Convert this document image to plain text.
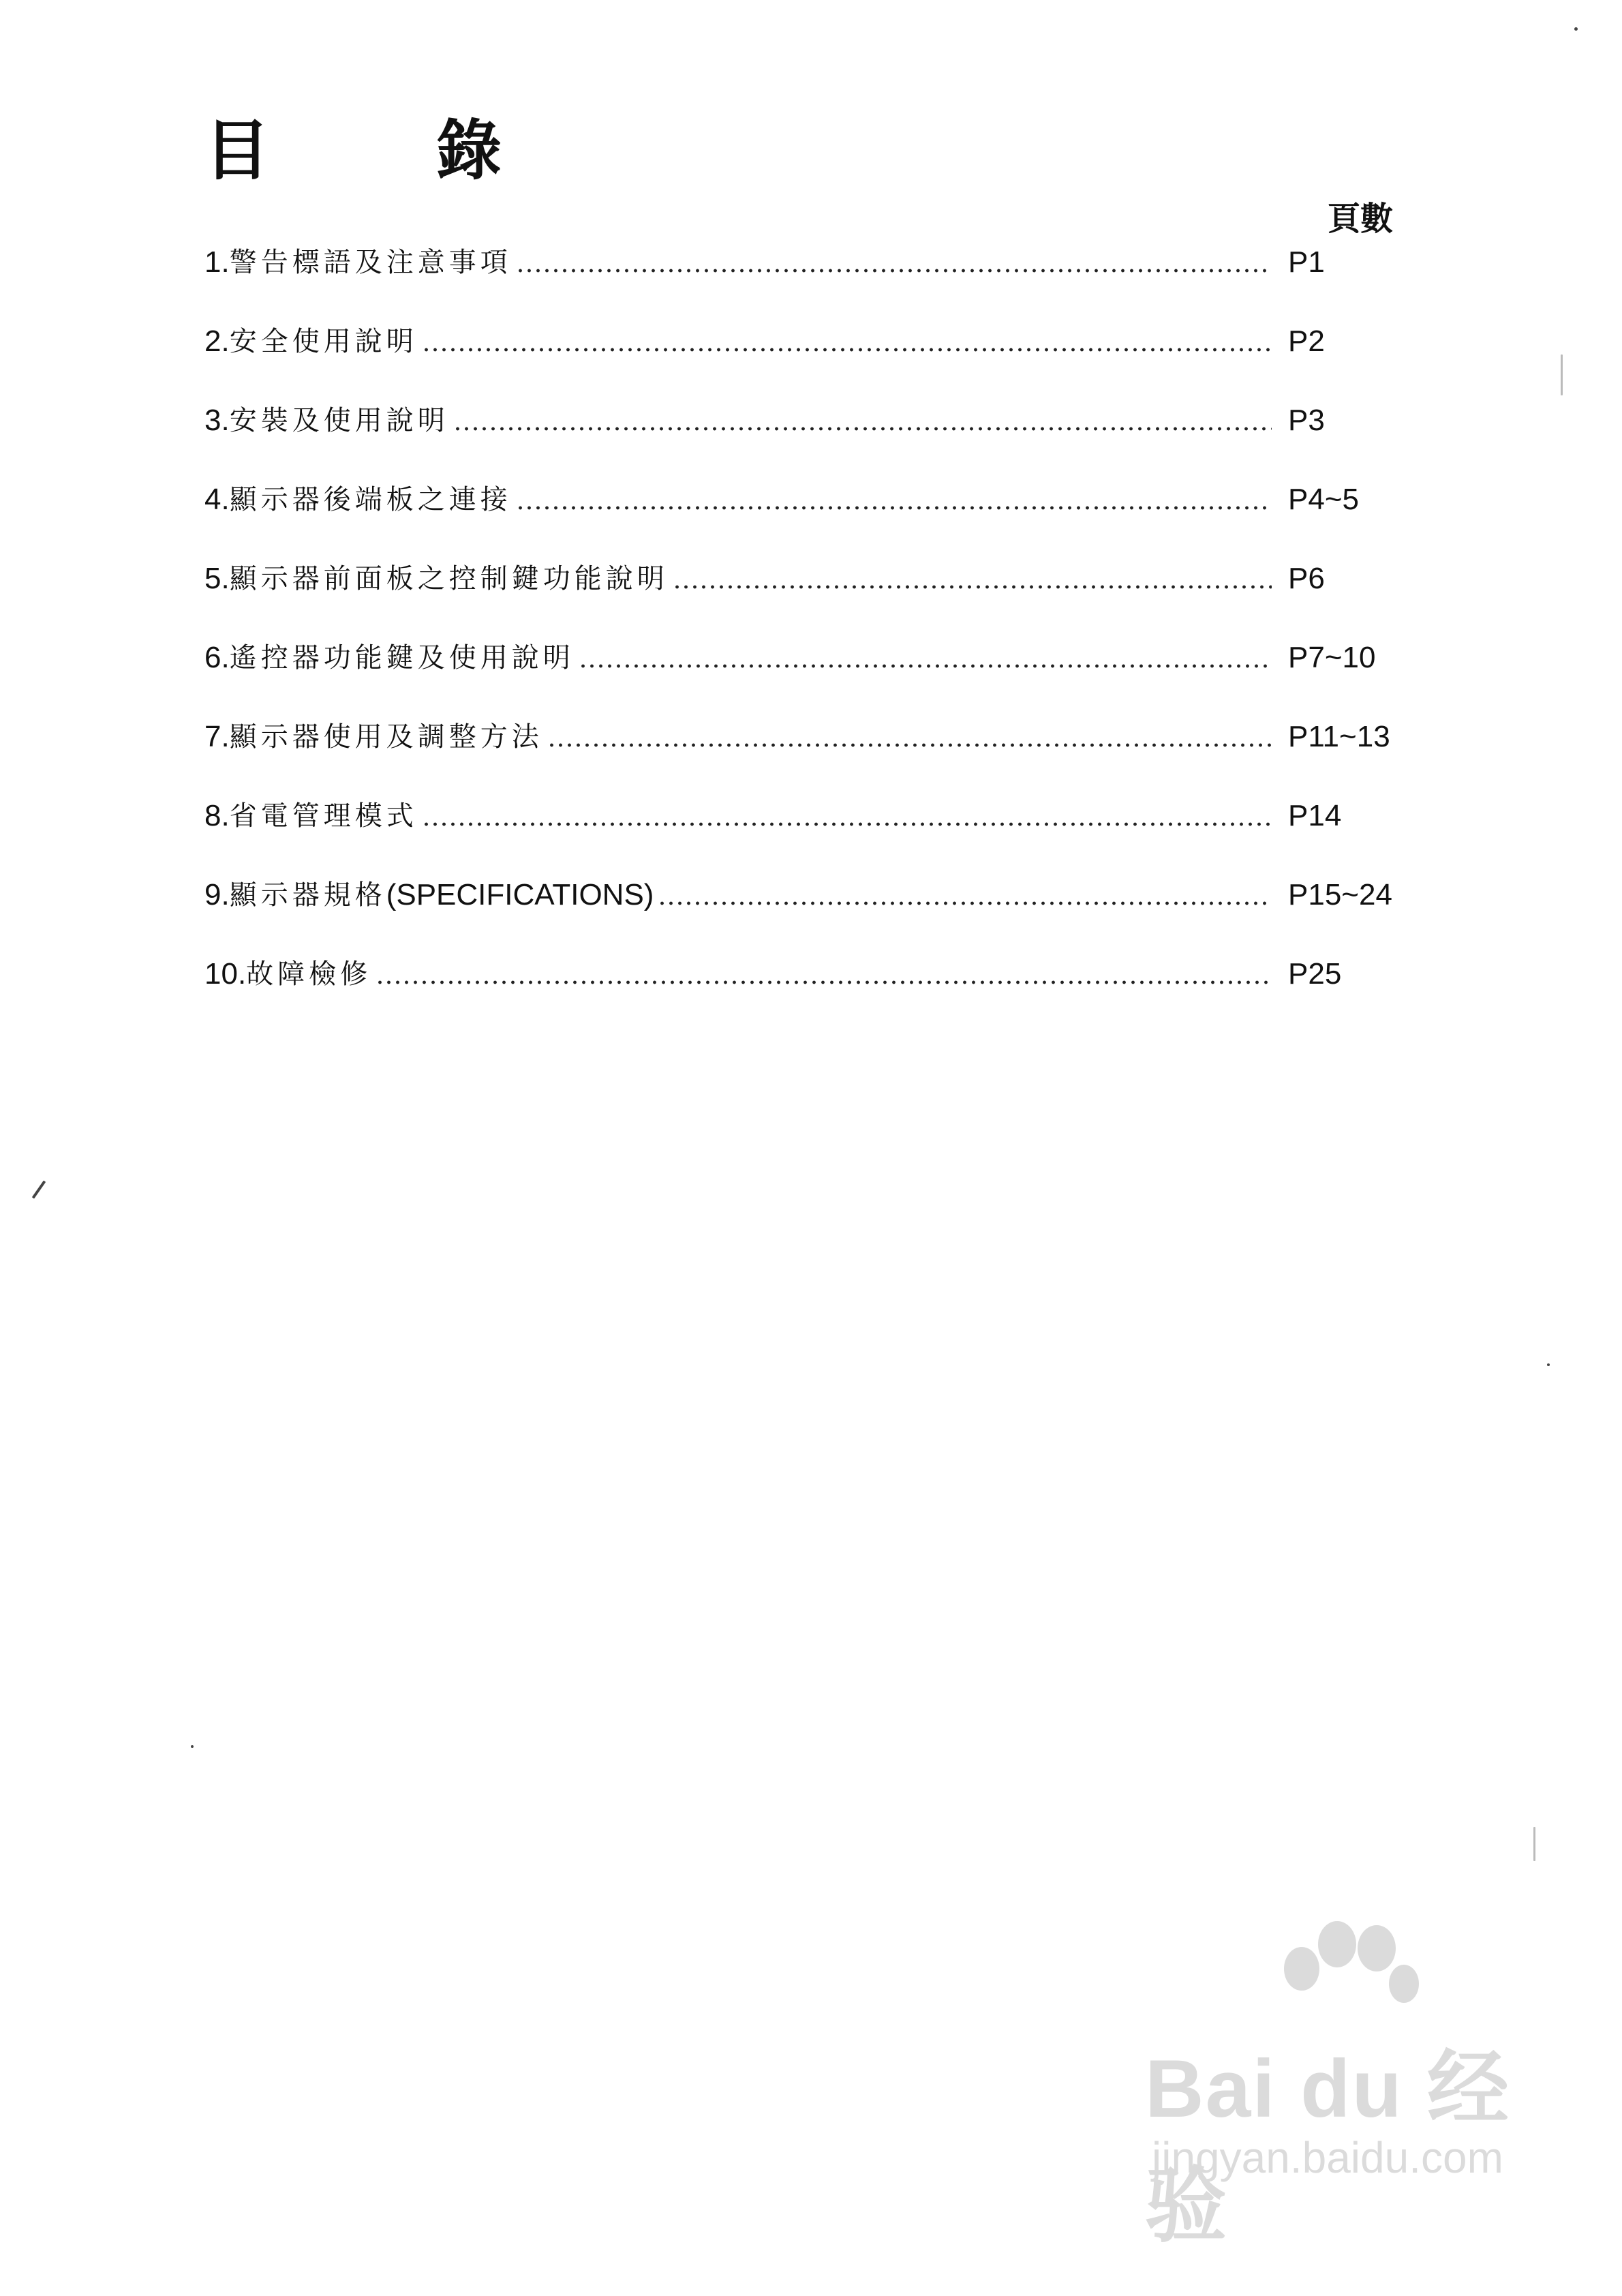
目	錄
頁數
1. 警告標語及注意事項	P1
2. 安全使用說明	P2
3. 安裝及使用說明	P3
4. 顯示器後端板之連接	P4~5
5. 顯示器前面板之控制鍵功能說明	P6
6. 遙控器功能鍵及使用說明	P7~10
7. 顯示器使用及調整方法	P11~13
8. 省電管理模式	P14
9. 顯示器規格 (SPECIFICATIONS)	P15~24
10. 故障檢修	P25
Bai du 经验
jingyan.baidu.com
